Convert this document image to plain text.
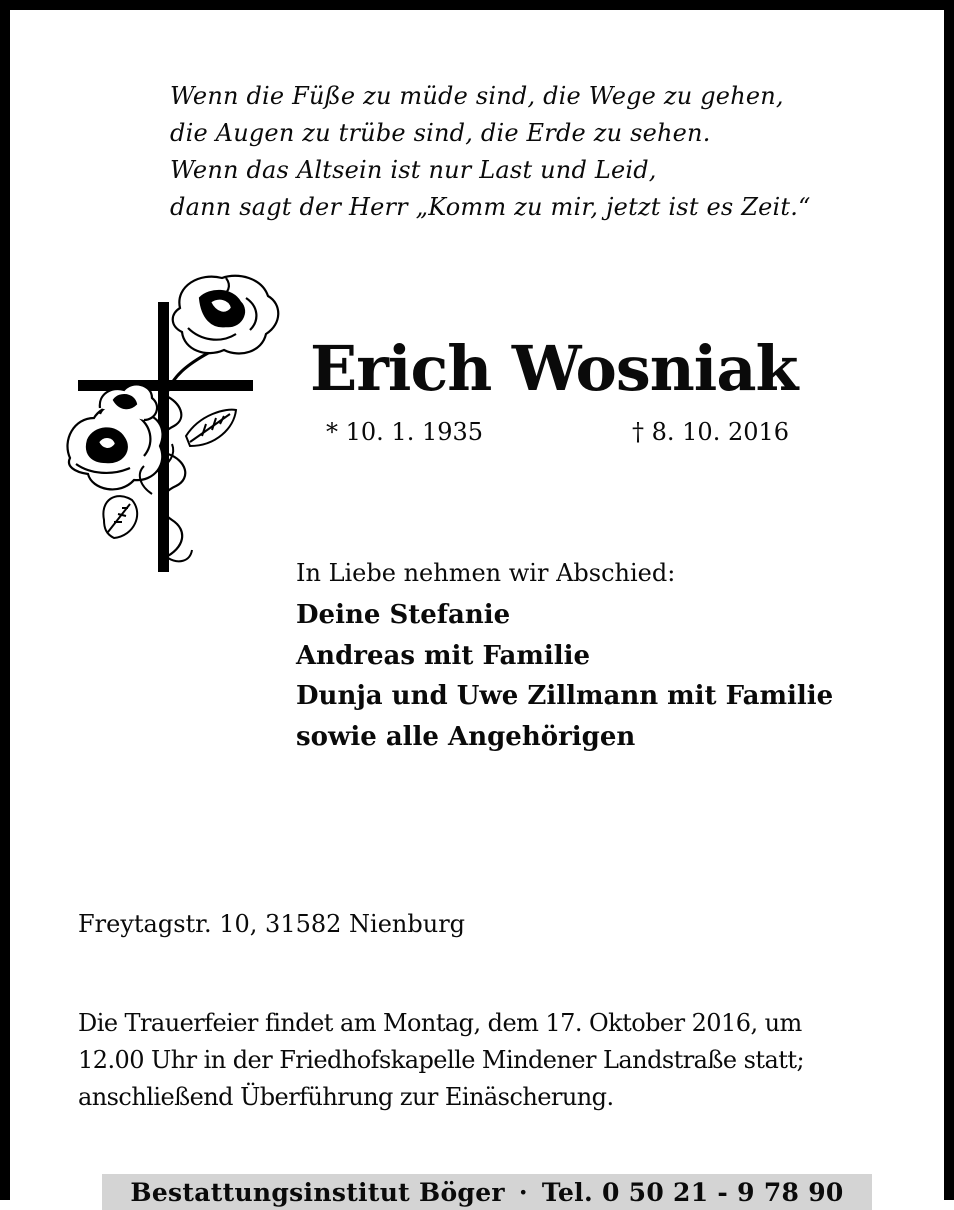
Wenn die Füße zu müde sind, die Wege zu gehen,
die Augen zu trübe sind, die Erde zu sehen.
Wenn das Altsein ist nur Last und Leid,
dann sagt der Herr „Komm zu mir, jetzt ist es Zeit.“
Erich Wosniak
* 10. 1. 1935	† 8. 10. 2016
In Liebe nehmen wir Abschied:
Deine Stefanie
Andreas mit Familie
Dunja und Uwe Zillmann mit Familie
sowie alle Angehörigen
Freytagstr. 10, 31582 Nienburg
Die Trauerfeier findet am Montag, dem 17. Oktober 2016, um
12.00 Uhr in der Friedhofskapelle Mindener Landstraße statt;
anschließend Überführung zur Einäscherung.
Bestattungsinstitut Böger · Tel. 0 50 21 - 9 78 90
